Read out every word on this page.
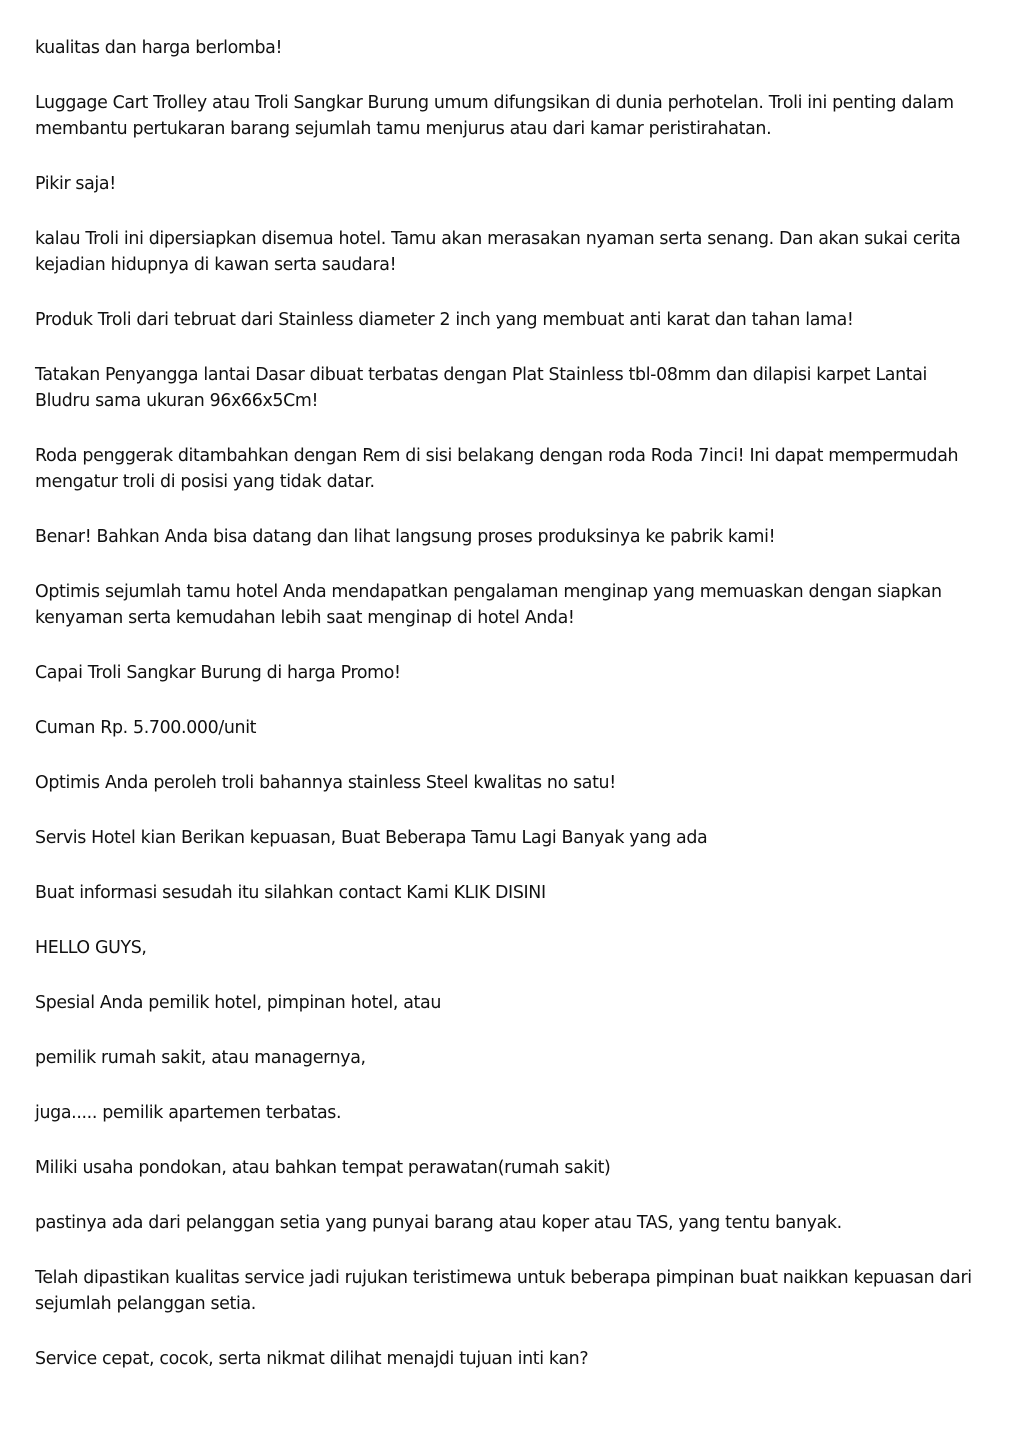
kualitas dan harga berlomba!

Luggage Cart Trolley atau Troli Sangkar Burung umum difungsikan di dunia perhotelan. Troli ini penting dalam membantu pertukaran barang sejumlah tamu menjurus atau dari kamar peristirahatan.

Pikir saja!

kalau Troli ini dipersiapkan disemua hotel. Tamu akan merasakan nyaman serta senang. Dan akan sukai cerita kejadian hidupnya di kawan serta saudara!

Produk Troli dari tebruat dari Stainless diameter 2 inch yang membuat anti karat dan tahan lama!

Tatakan Penyangga lantai Dasar dibuat terbatas dengan Plat Stainless tbl-08mm dan dilapisi karpet Lantai Bludru sama ukuran 96x66x5Cm!

Roda penggerak ditambahkan dengan Rem di sisi belakang dengan roda Roda 7inci! Ini dapat mempermudah mengatur troli di posisi yang tidak datar.

Benar! Bahkan Anda bisa datang dan lihat langsung proses produksinya ke pabrik kami!

Optimis sejumlah tamu hotel Anda mendapatkan pengalaman menginap yang memuaskan dengan siapkan kenyaman serta kemudahan lebih saat menginap di hotel Anda!

Capai Troli Sangkar Burung di harga Promo!

Cuman Rp. 5.700.000/unit

Optimis Anda peroleh troli bahannya stainless Steel kwalitas no satu!

Servis Hotel kian Berikan kepuasan, Buat Beberapa Tamu Lagi Banyak yang ada

Buat informasi sesudah itu silahkan contact Kami KLIK DISINI

HELLO GUYS,

Spesial Anda pemilik hotel, pimpinan hotel, atau

pemilik rumah sakit, atau managernya,

juga..... pemilik apartemen terbatas.

Miliki usaha pondokan, atau bahkan tempat perawatan(rumah sakit)

pastinya ada dari pelanggan setia yang punyai barang atau koper atau TAS, yang tentu banyak.

Telah dipastikan kualitas service jadi rujukan teristimewa untuk beberapa pimpinan buat naikkan kepuasan dari sejumlah pelanggan setia.

Service cepat, cocok, serta nikmat dilihat menajdi tujuan inti kan?
